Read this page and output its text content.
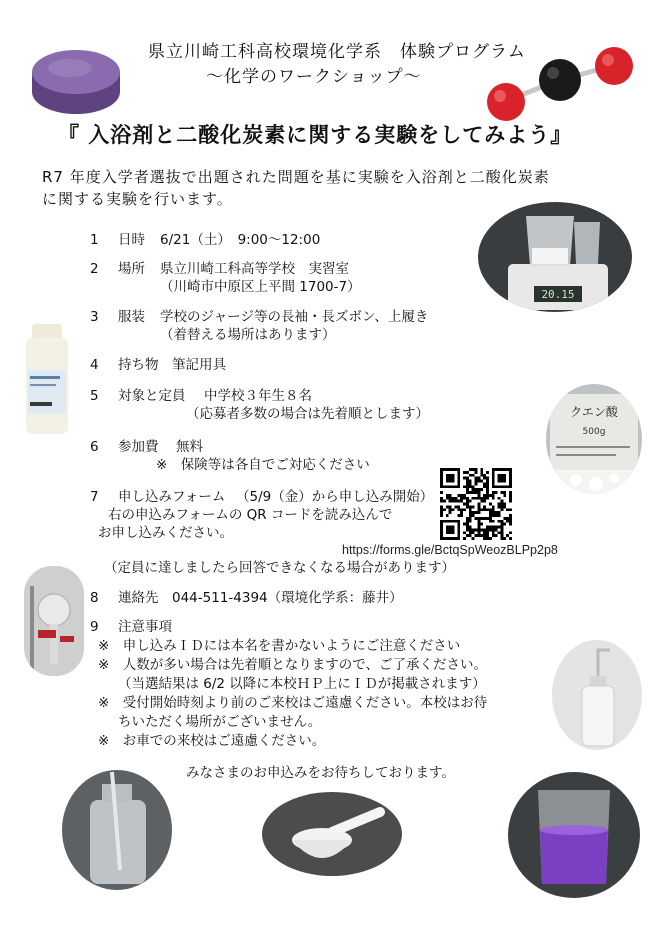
県立川崎工科高校環境化学系　体験プログラム
～化学のワークショップ～
『 入浴剤と二酸化炭素に関する実験をしてみよう』
R7 年度入学者選抜で出題された問題を基に実験を入浴剤と二酸化炭素
に関する実験を行います。
1 日時 6/21（土）　9:00～12:00
2 場所 県立川崎工科高等学校　実習室
（川崎市中原区上平間 1700-7）
3 服装 学校のジャージ等の長袖・長ズボン、上履き
（着替える場所はあります）
4 持ち物 筆記用具
5 対象と定員 中学校３年生８名
（応募者多数の場合は先着順とします）
6 参加費 無料
※　保険等は各自でご対応ください
7 申し込みフォーム （5/9（金）から申し込み開始）
右の申込みフォームの QR コードを読み込んで
お申し込みください。
https://forms.gle/BctqSpWeozBLPp2p8
（定員に達しましたら回答できなくなる場合があります）
8 連絡先 044-511-4394（環境化学系：藤井）
9 注意事項
※　申し込みＩＤには本名を書かないようにご注意ください
※　人数が多い場合は先着順となりますので、ご了承ください。
（当選結果は 6/2 以降に本校ＨＰ上にＩＤが掲載されます）
※　受付開始時刻より前のご来校はご遠慮ください。本校はお待
ちいただく場所がございません。
※　お車での来校はご遠慮ください。
みなさまのお申込みをお待ちしております。
20.15
クエン酸
500g
